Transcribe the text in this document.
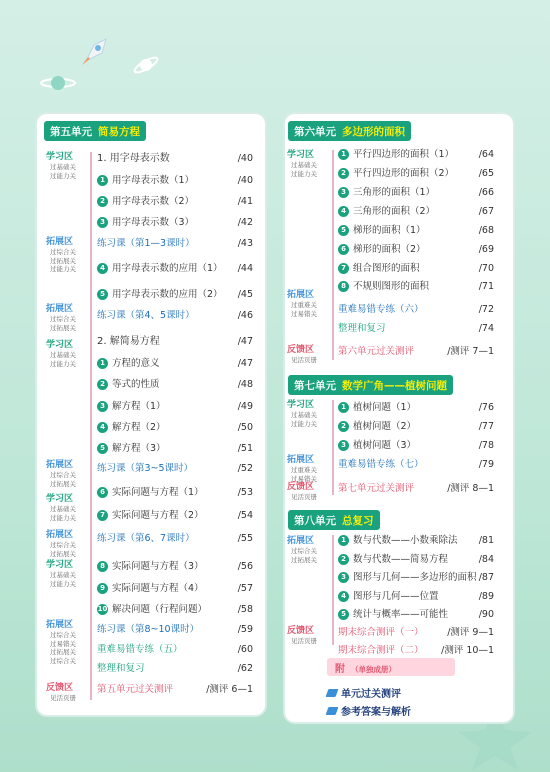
第五单元 简易方程
学习区
过基础关
过能力关
拓展区
过综合关
过拓展关
过能力关
拓展区
过综合关
过拓展关
学习区
过基础关
过能力关
拓展区
过综合关
过拓展关
学习区
过基础关
过能力关
拓展区
过综合关
过拓展关
学习区
过基础关
过能力关
拓展区
过综合关
过易错关
过拓展关
过综合关
反馈区
见活页册
1. 用字母表示数	/40
1 用字母表示数（1）	/40
2 用字母表示数（2）	/41
3 用字母表示数（3）	/42
练习课（第1—3课时）	/43
4 用字母表示数的应用（1） /44
5 用字母表示数的应用（2） /45
练习课（第4、5课时）	/46
2. 解简易方程	/47
1 方程的意义	/47
2 等式的性质	/48
3 解方程（1）	/49
4 解方程（2）	/50
5 解方程（3）	/51
练习课（第3~5课时）	/52
6 实际问题与方程（1）	/53
7 实际问题与方程（2）	/54
练习课（第6、7课时）	/55
8 实际问题与方程（3）	/56
9 实际问题与方程（4）	/57
10 解决问题（行程问题）	/58
练习课（第8~10课时）	/59
重难易错专练（五）	/60
整理和复习	/62
第五单元过关测评	/测评 6—1
第六单元 多边形的面积
第七单元 数学广角——植树问题
第八单元 总复习
学习区
过基础关
过能力关
拓展区
过重难关
过易错关
反馈区
见活页册
学习区
过基础关
过能力关
拓展区
过重难关
过易错关
反馈区
见活页册
拓展区
过综合关
过拓展关
反馈区
见活页册
1 平行四边形的面积（1）	/64
2 平行四边形的面积（2）	/65
3 三角形的面积（1）	/66
4 三角形的面积（2）	/67
5 梯形的面积（1）	/68
6 梯形的面积（2）	/69
7 组合图形的面积	/70
8 不规则图形的面积	/71
重难易错专练（六）	/72
整理和复习	/74
第六单元过关测评	/测评 7—1
1 植树问题（1）	/76
2 植树问题（2）	/77
3 植树问题（3）	/78
重难易错专练（七）	/79
第七单元过关测评	/测评 8—1
1 数与代数——小数乘除法 /81
2 数与代数——简易方程	/84
3 图形与几何——多边形的面积 /87
4 图形与几何——位置	/89
5 统计与概率——可能性	/90
期末综合测评（一） /测评 9—1
期末综合测评（二） /测评 10—1
附 （单独成册）
单元过关测评
参考答案与解析
